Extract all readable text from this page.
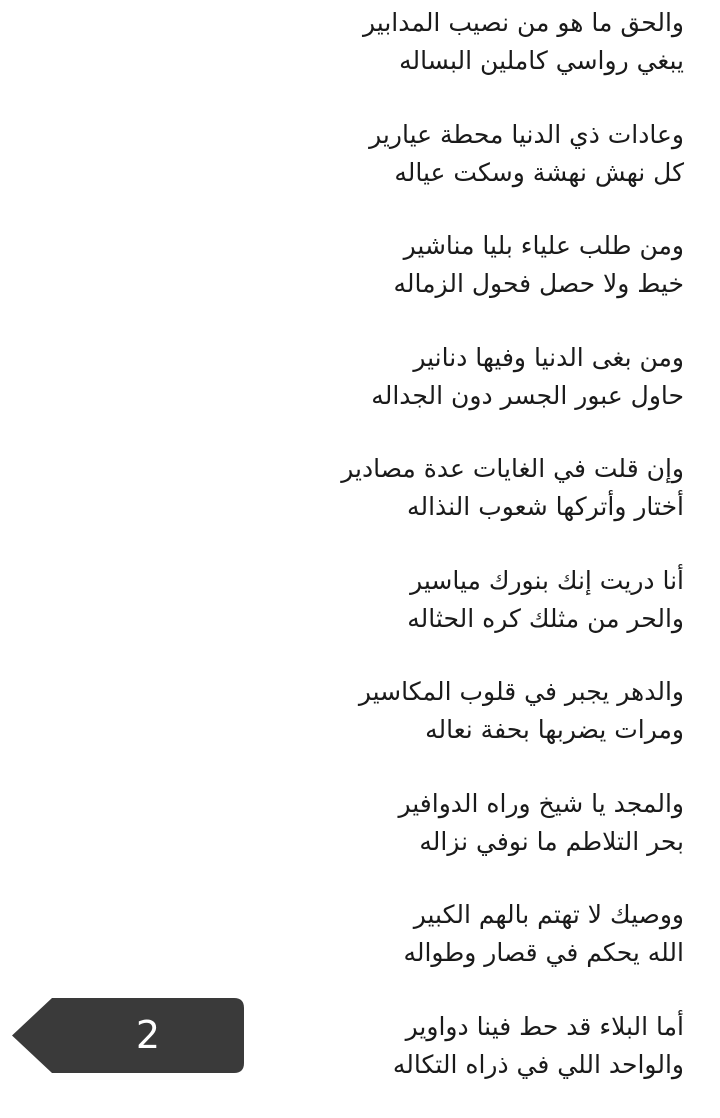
والحق ما هو من نصيب المدابير
يبغي رواسي كاملين البساله
وعادات ذي الدنيا محطة عيارير
كل نهش نهشة وسكت عياله
ومن طلب علياء بليا مناشير
خيط ولا حصل فحول الزماله
ومن بغى الدنيا وفيها دنانير
حاول عبور الجسر دون الجداله
وإن قلت في الغايات عدة مصادير
أختار وأتركها شعوب النذاله
أنا دريت إنك بنورك مياسير
والحر من مثلك كره الحثاله
والدهر يجبر في قلوب المكاسير
ومرات يضربها بحفة نعاله
والمجد يا شيخ وراه الدوافير
بحر التلاطم ما نوفي نزاله
ووصيك لا تهتم بالهم الكبير
الله يحكم في قصار وطواله
أما البلاء قد حط فينا دواوير
والواحد اللي في ذراه التكاله
2
